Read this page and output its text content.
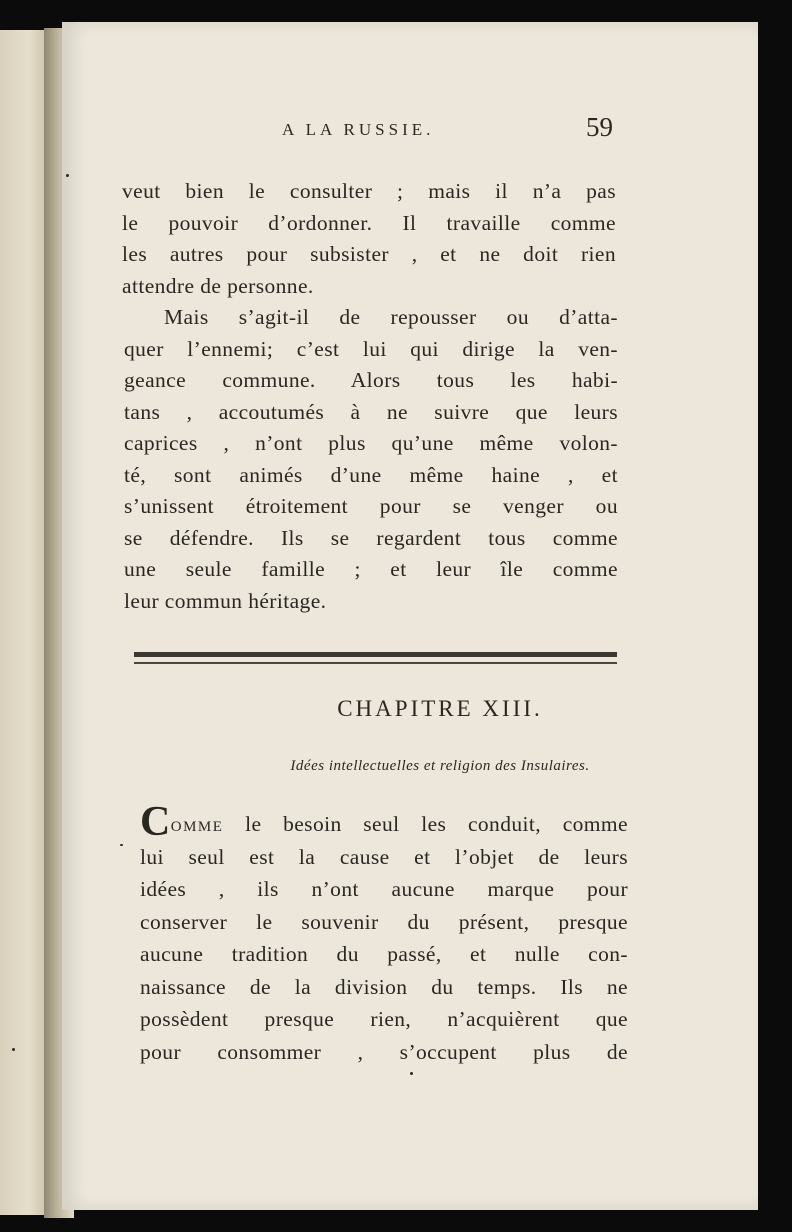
A LA RUSSIE.	59
veut bien le consulter ; mais il n’a pas
le pouvoir d’ordonner. Il travaille comme
les autres pour subsister , et ne doit rien
attendre de personne.
Mais s’agit-il de repousser ou d’atta-
quer l’ennemi; c’est lui qui dirige la ven-
geance commune. Alors tous les habi-
tans , accoutumés à ne suivre que leurs
caprices , n’ont plus qu’une même volon-
té, sont animés d’une même haine , et
s’unissent étroitement pour se venger ou
se défendre. Ils se regardent tous comme
une seule famille ; et leur île comme
leur commun héritage.
CHAPITRE XIII.
Idées intellectuelles et religion des Insulaires.
COMME le besoin seul les conduit, comme
lui seul est la cause et l’objet de leurs
idées , ils n’ont aucune marque pour
conserver le souvenir du présent, presque
aucune tradition du passé, et nulle con-
naissance de la division du temps. Ils ne
possèdent presque rien, n’acquièrent que
pour consommer , s’occupent plus de
